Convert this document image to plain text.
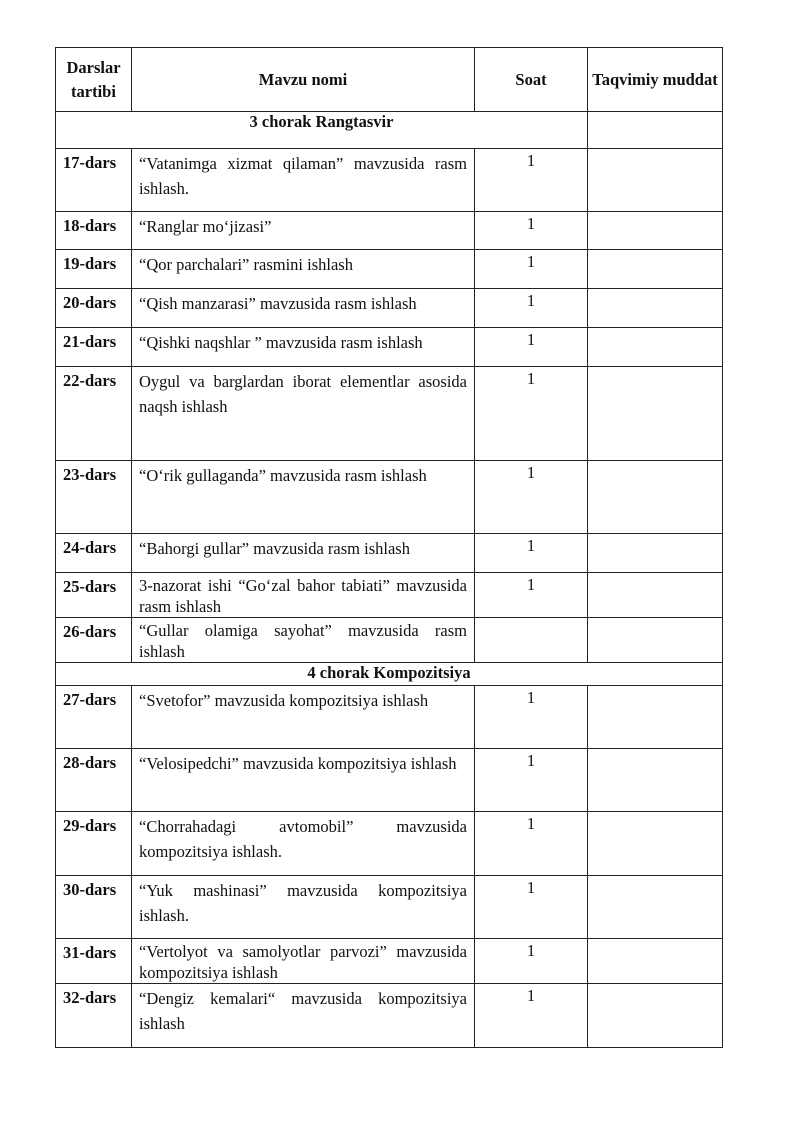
Darslar tartibi	Mavzu nomi	Soat	Taqvimiy muddat
3 chorak Rangtasvir			
17-dars	“Vatanimga xizmat qilaman” mavzusida rasm ishlash.	1	
18-dars	“Ranglar mo‘jizasi”	1	
19-dars	“Qor parchalari” rasmini ishlash	1	
20-dars	“Qish manzarasi” mavzusida rasm ishlash	1	
21-dars	“Qishki naqshlar ” mavzusida rasm ishlash	1	
22-dars	Oygul va barglardan iborat elementlar asosida naqsh ishlash	1	
23-dars	“O‘rik gullaganda” mavzusida rasm ishlash	1	
24-dars	“Bahorgi gullar” mavzusida rasm ishlash	1	
25-dars	3-nazorat ishi “Go‘zal bahor tabiati” mavzusida rasm ishlash	1	
26-dars	“Gullar olamiga sayohat” mavzusida rasm ishlash		
4 chorak Kompozitsiya			
27-dars	“Svetofor” mavzusida kompozitsiya ishlash	1	
28-dars	“Velosipedchi” mavzusida kompozitsiya ishlash	1	
29-dars	“Chorrahadagi avtomobil” mavzusida kompozitsiya ishlash.	1	
30-dars	“Yuk mashinasi” mavzusida kompozitsiya ishlash.	1	
31-dars	“Vertolyot va samolyotlar parvozi” mavzusida kompozitsiya ishlash	1	
32-dars	“Dengiz kemalari“ mavzusida kompozitsiya ishlash	1	
